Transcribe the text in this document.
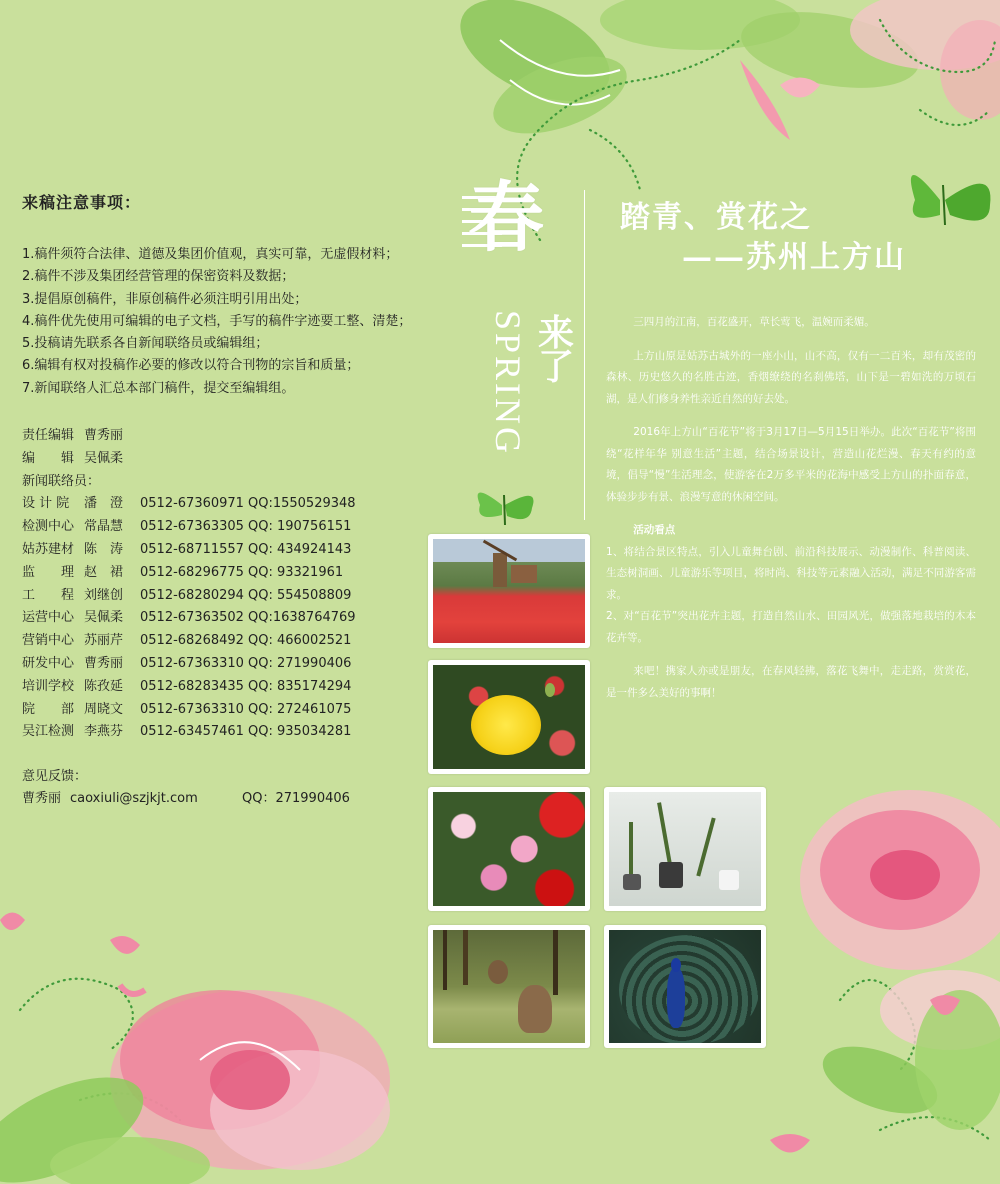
来稿注意事项：
1.稿件须符合法律、道德及集团价值观，真实可靠，无虚假材料；
2.稿件不涉及集团经营管理的保密资料及数据；
3.提倡原创稿件，非原创稿件必须注明引用出处；
4.稿件优先使用可编辑的电子文档，手写的稿件字迹要工整、清楚；
5.投稿请先联系各自新闻联络员或编辑组；
6.编辑有权对投稿作必要的修改以符合刊物的宗旨和质量；
7.新闻联络人汇总本部门稿件，提交至编辑组。
责任编辑 曹秀丽
编　　辑 吴佩柔
新闻联络员：
设 计 院	潘　澄	0512-67360971 QQ:1550529348
检测中心 常晶慧	0512-67363305 QQ: 190756151
姑苏建材 陈　涛	0512-68711557 QQ: 434924143
监　　理 赵　裙	0512-68296775 QQ: 93321961
工　　程 刘继创	0512-68280294 QQ: 554508809
运营中心 吴佩柔	0512-67363502 QQ:1638764769
营销中心 苏丽芹	0512-68268492 QQ: 466002521
研发中心 曹秀丽	0512-67363310 QQ: 271990406
培训学校 陈孜延	0512-68283435 QQ: 835174294
院　　部 周晓文	0512-67363310 QQ: 272461075
吴江检测 李燕芬	0512-63457461 QQ: 935034281
意见反馈：
曹秀丽 caoxiuli@szjkjt.com	QQ：271990406
春
SPRING 来了
踏青、赏花之
——苏州上方山

三四月的江南，百花盛开，草长莺飞，温婉而柔媚。

上方山原是姑苏古城外的一座小山，山不高，仅有一二百米，却有茂密的森林、历史悠久的名胜古迹，香烟缭绕的名刹佛塔，山下是一碧如洗的万顷石湖，是人们修身养性亲近自然的好去处。

2016年上方山“百花节”将于3月17日—5月15日举办。此次“百花节”将围绕“花样年华 别意生活”主题，结合场景设计，营造山花烂漫、春天有约的意境，倡导“慢”生活理念，使游客在2万多平米的花海中感受上方山的扑面春意，体验步步有景、浪漫写意的休闲空间。

活动看点

1、将结合景区特点，引入儿童舞台剧、前沿科技展示、动漫制作、科普阅读、生态树洞画、儿童游乐等项目，将时尚、科技等元素融入活动，满足不同游客需求。

2、对“百花节”突出花卉主题，打造自然山水、田园风光，做强落地栽培的木本花卉等。

来吧！携家人亦或是朋友，在春风轻拂，落花飞舞中，走走路，赏赏花，是一件多么美好的事啊！
